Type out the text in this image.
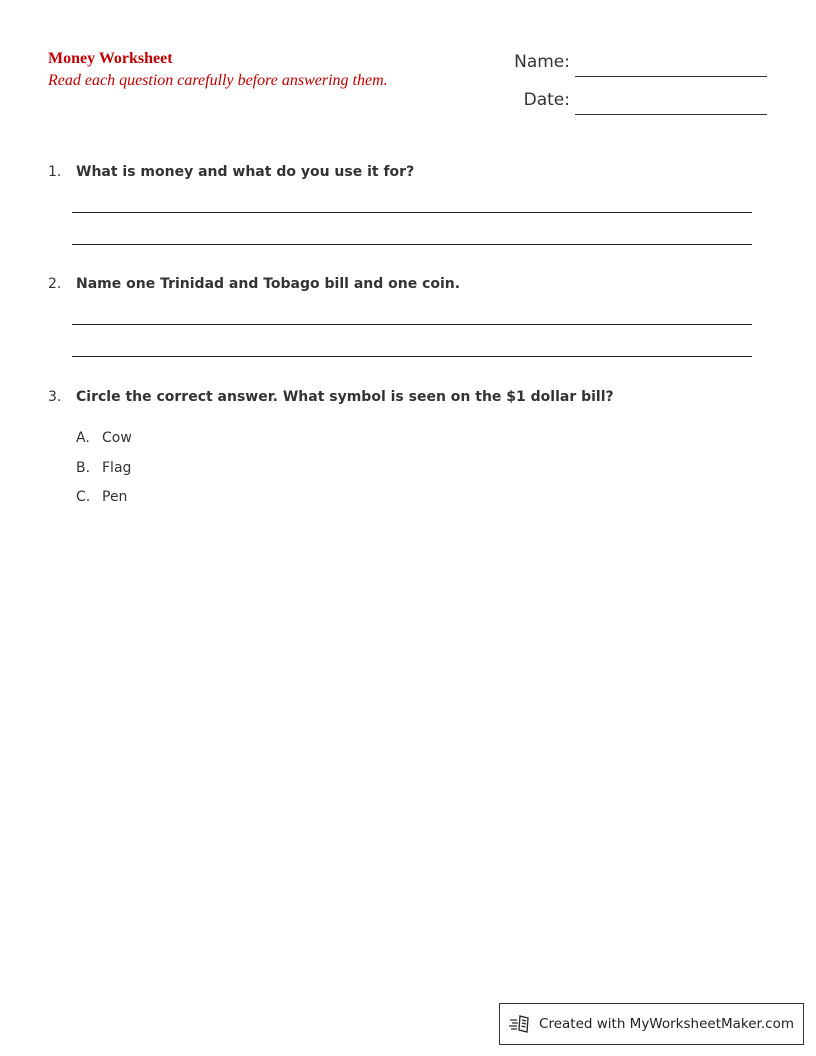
Money Worksheet

Read each question carefully before answering them.

Name:
Date:
1. What is money and what do you use it for?
2. Name one Trinidad and Tobago bill and one coin.
3. Circle the correct answer. What symbol is seen on the $1 dollar bill?
A. Cow
B. Flag
C. Pen
Created with MyWorksheetMaker.com
